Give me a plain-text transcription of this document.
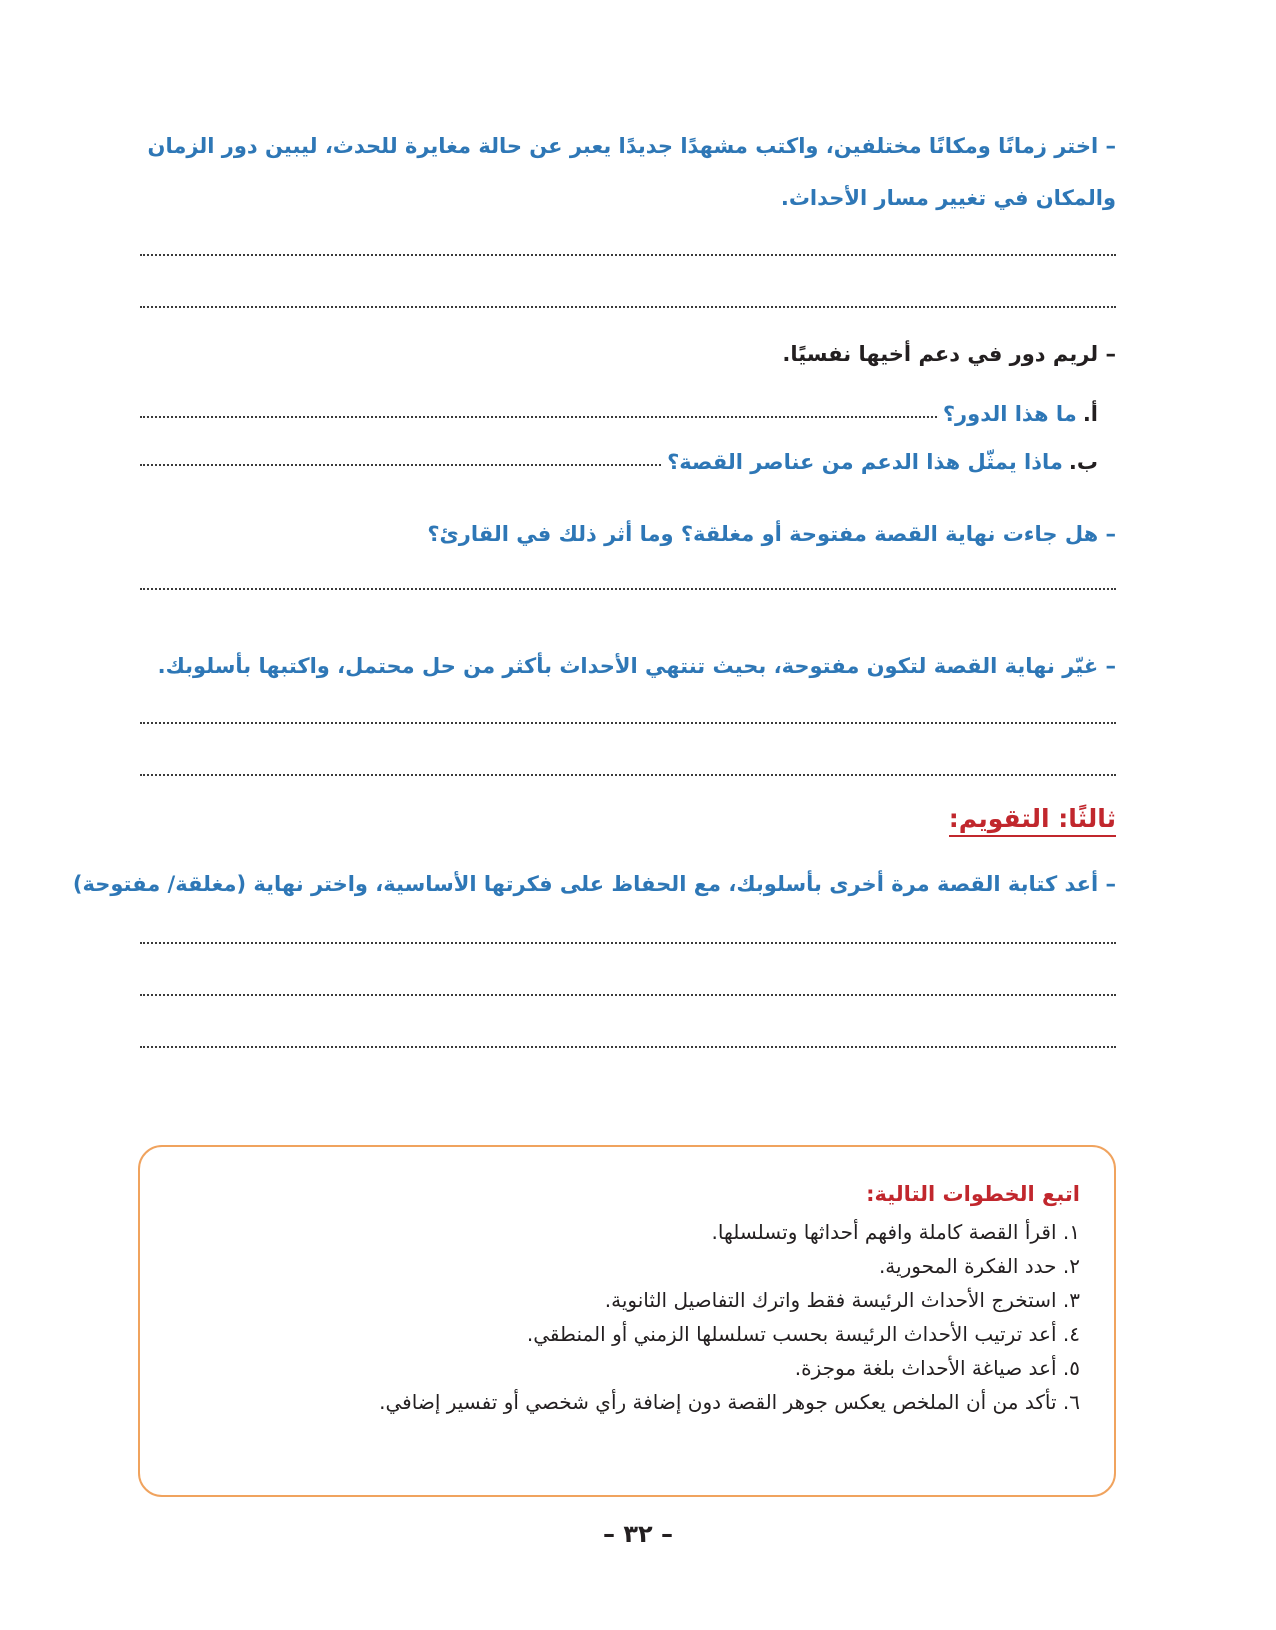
– اختر زمانًا ومكانًا مختلفين، واكتب مشهدًا جديدًا يعبر عن حالة مغايرة للحدث، ليبين دور الزمان
والمكان في تغيير مسار الأحداث.
– لريم دور في دعم أخيها نفسيًا.
أ.
ما هذا الدور؟
ب.
ماذا يمثّل هذا الدعم من عناصر القصة؟
– هل جاءت نهاية القصة مفتوحة أو مغلقة؟ وما أثر ذلك في القارئ؟
– غيّر نهاية القصة لتكون مفتوحة، بحيث تنتهي الأحداث بأكثر من حل محتمل، واكتبها بأسلوبك.
ثالثًا: التقويم:
– أعد كتابة القصة مرة أخرى بأسلوبك، مع الحفاظ على فكرتها الأساسية، واختر نهاية (مغلقة/ مفتوحة)
اتبع الخطوات التالية:
١. اقرأ القصة كاملة وافهم أحداثها وتسلسلها.
٢. حدد الفكرة المحورية.
٣. استخرج الأحداث الرئيسة فقط واترك التفاصيل الثانوية.
٤. أعد ترتيب الأحداث الرئيسة بحسب تسلسلها الزمني أو المنطقي.
٥. أعد صياغة الأحداث بلغة موجزة.
٦. تأكد من أن الملخص يعكس جوهر القصة دون إضافة رأي شخصي أو تفسير إضافي.
– ٣٢ –
